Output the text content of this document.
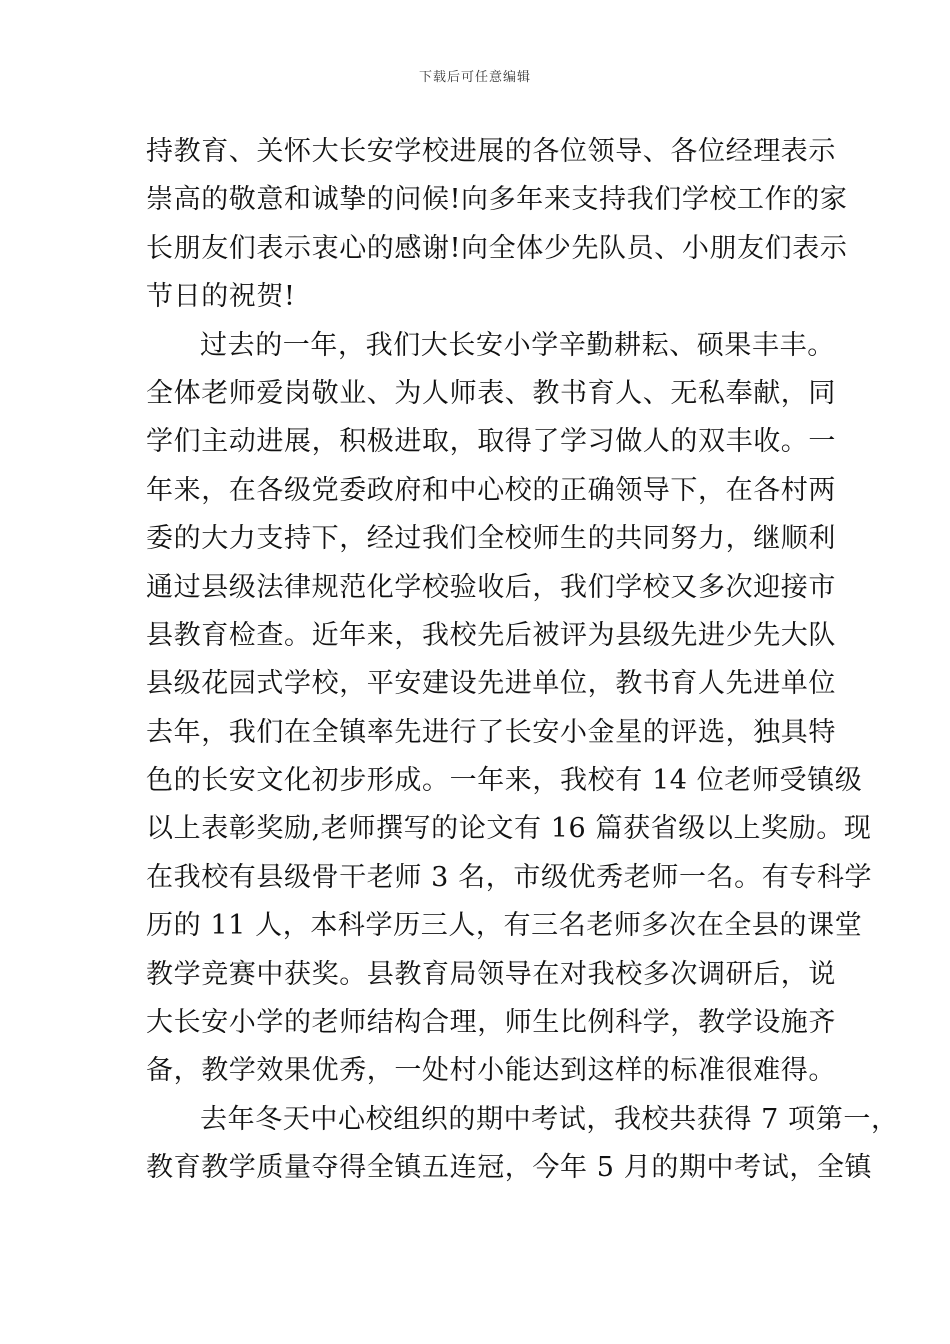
下载后可任意编辑
持教育、关怀大长安学校进展的各位领导、各位经理表示
崇高的敬意和诚挚的问候!向多年来支持我们学校工作的家
长朋友们表示衷心的感谢!向全体少先队员、小朋友们表示
节日的祝贺!
过去的一年，我们大长安小学辛勤耕耘、硕果丰丰。
全体老师爱岗敬业、为人师表、教书育人、无私奉献，同
学们主动进展，积极进取，取得了学习做人的双丰收。一
年来，在各级党委政府和中心校的正确领导下，在各村两
委的大力支持下，经过我们全校师生的共同努力，继顺利
通过县级法律规范化学校验收后，我们学校又多次迎接市
县教育检查。近年来，我校先后被评为县级先进少先大队
县级花园式学校，平安建设先进单位，教书育人先进单位
去年，我们在全镇率先进行了长安小金星的评选，独具特
色的长安文化初步形成。一年来，我校有 14 位老师受镇级
以上表彰奖励,老师撰写的论文有 16 篇获省级以上奖励。现
在我校有县级骨干老师 3 名，市级优秀老师一名。有专科学
历的 11 人，本科学历三人，有三名老师多次在全县的课堂
教学竞赛中获奖。县教育局领导在对我校多次调研后，说
大长安小学的老师结构合理，师生比例科学，教学设施齐
备，教学效果优秀，一处村小能达到这样的标准很难得。
去年冬天中心校组织的期中考试，我校共获得 7 项第一，
教育教学质量夺得全镇五连冠，今年 5 月的期中考试，全镇
